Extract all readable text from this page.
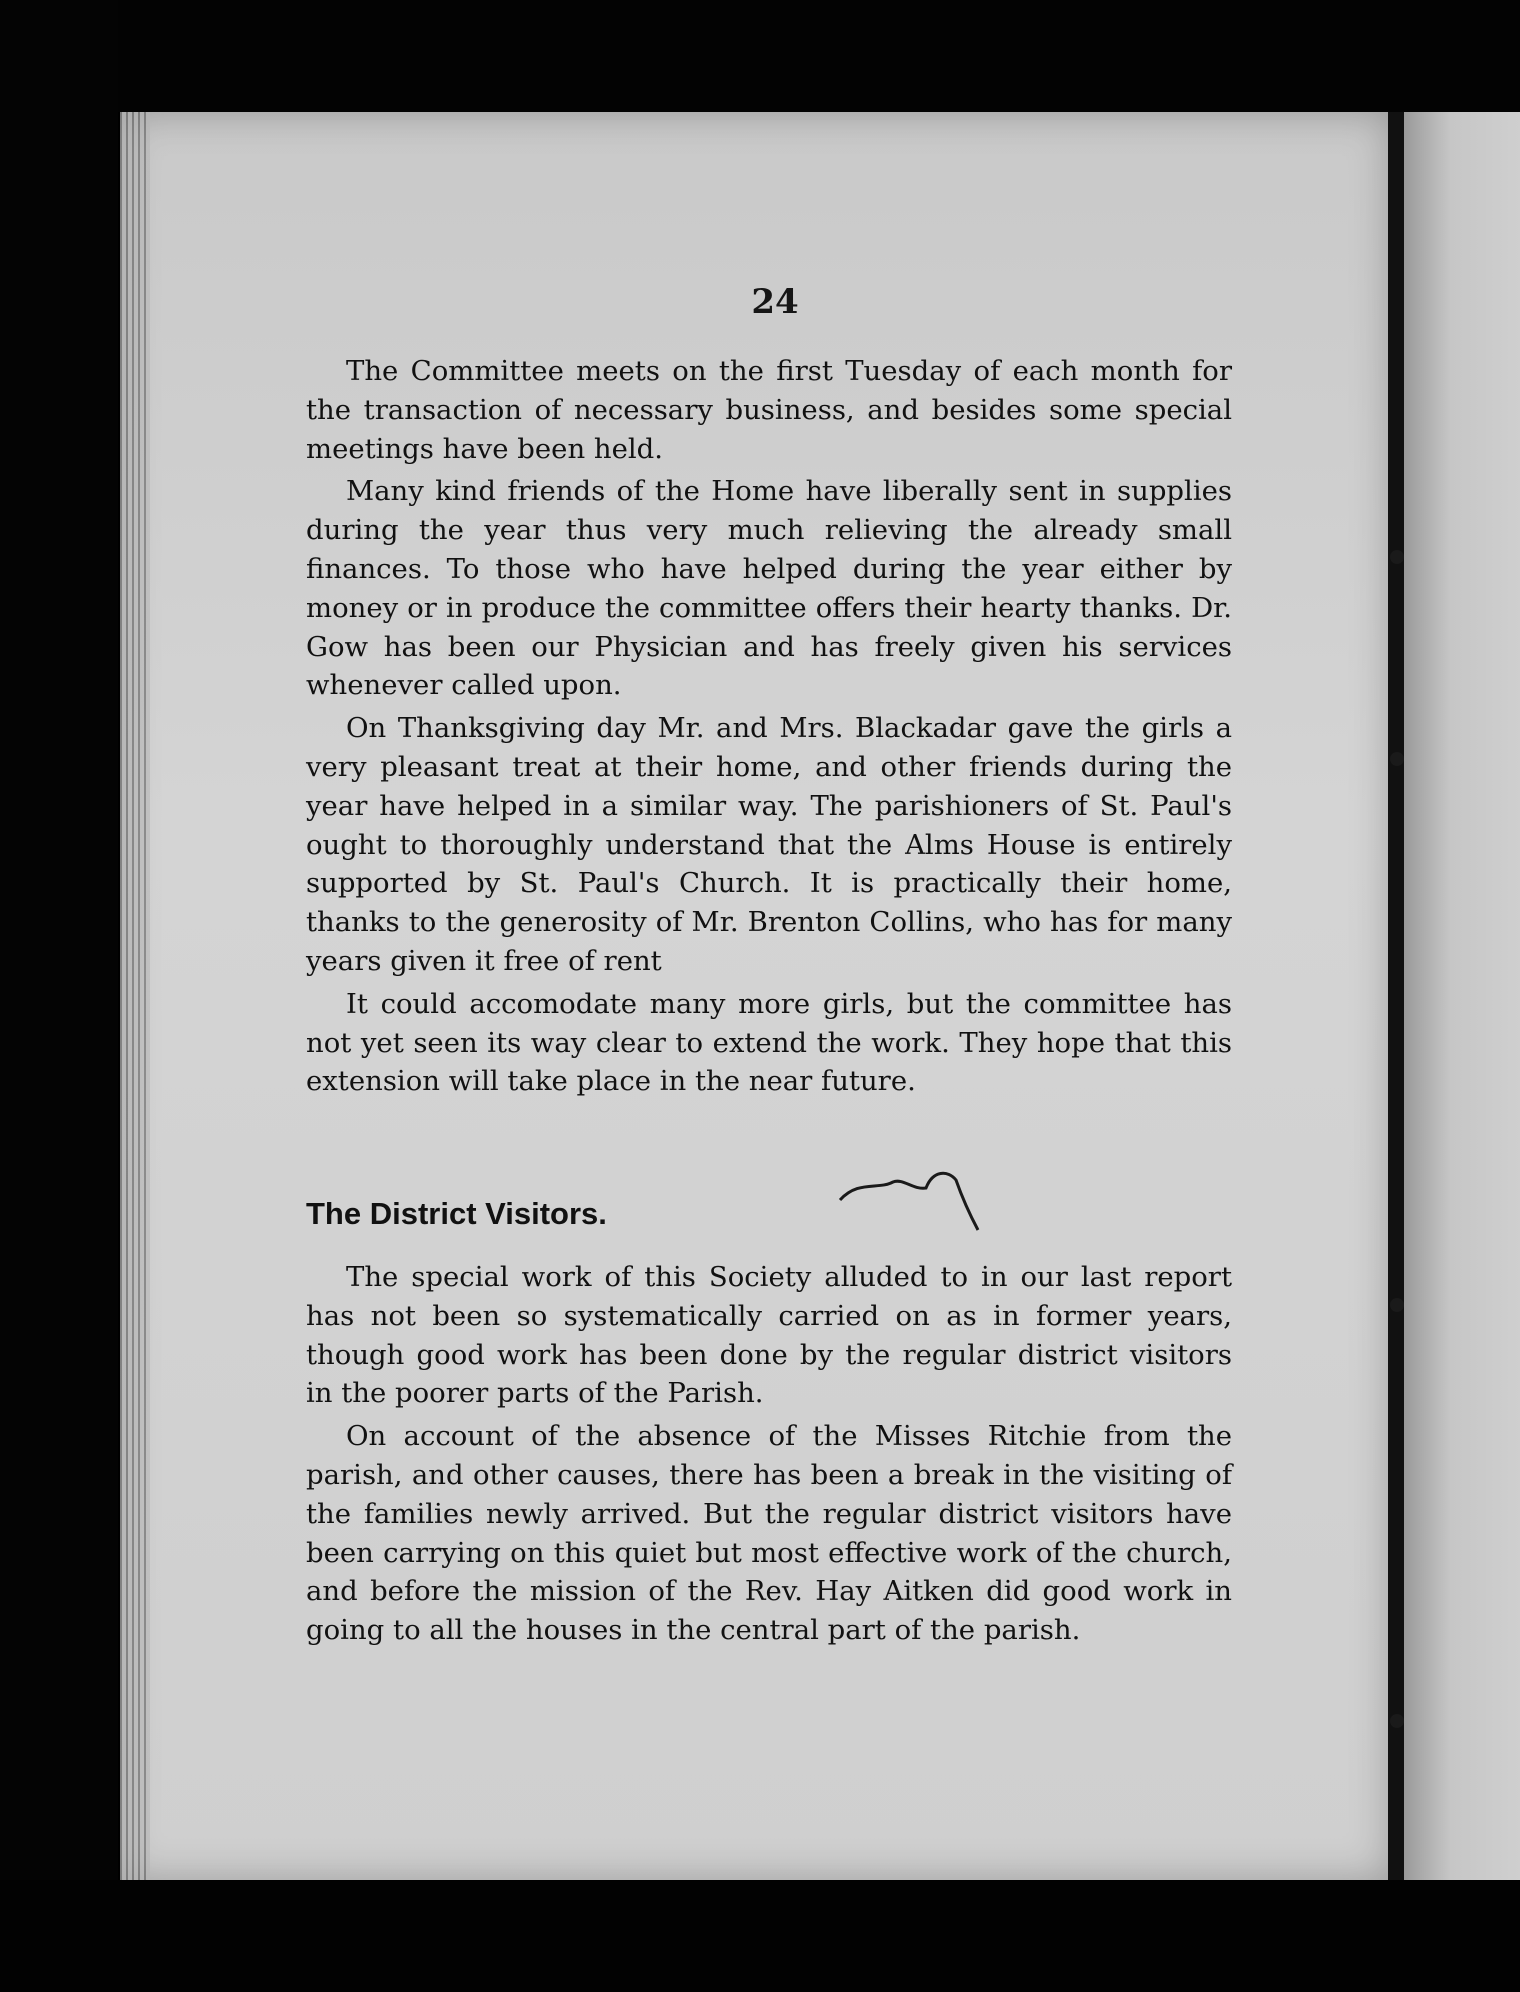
24

The Committee meets on the first Tuesday of each month for the transaction of necessary business, and besides some special meetings have been held.

Many kind friends of the Home have liberally sent in supplies during the year thus very much relieving the already small finances. To those who have helped during the year either by money or in produce the committee offers their hearty thanks. Dr. Gow has been our Physician and has freely given his services whenever called upon.

On Thanksgiving day Mr. and Mrs. Blackadar gave the girls a very pleasant treat at their home, and other friends during the year have helped in a similar way. The parishioners of St. Paul's ought to thoroughly understand that the Alms House is entirely supported by St. Paul's Church. It is practically their home, thanks to the generosity of Mr. Brenton Collins, who has for many years given it free of rent

It could accomodate many more girls, but the committee has not yet seen its way clear to extend the work. They hope that this extension will take place in the near future.

The District Visitors.

The special work of this Society alluded to in our last report has not been so systematically carried on as in former years, though good work has been done by the regular district visitors in the poorer parts of the Parish.

On account of the absence of the Misses Ritchie from the parish, and other causes, there has been a break in the visiting of the families newly arrived. But the regular district visitors have been carrying on this quiet but most effective work of the church, and before the mission of the Rev. Hay Aitken did good work in going to all the houses in the central part of the parish.
